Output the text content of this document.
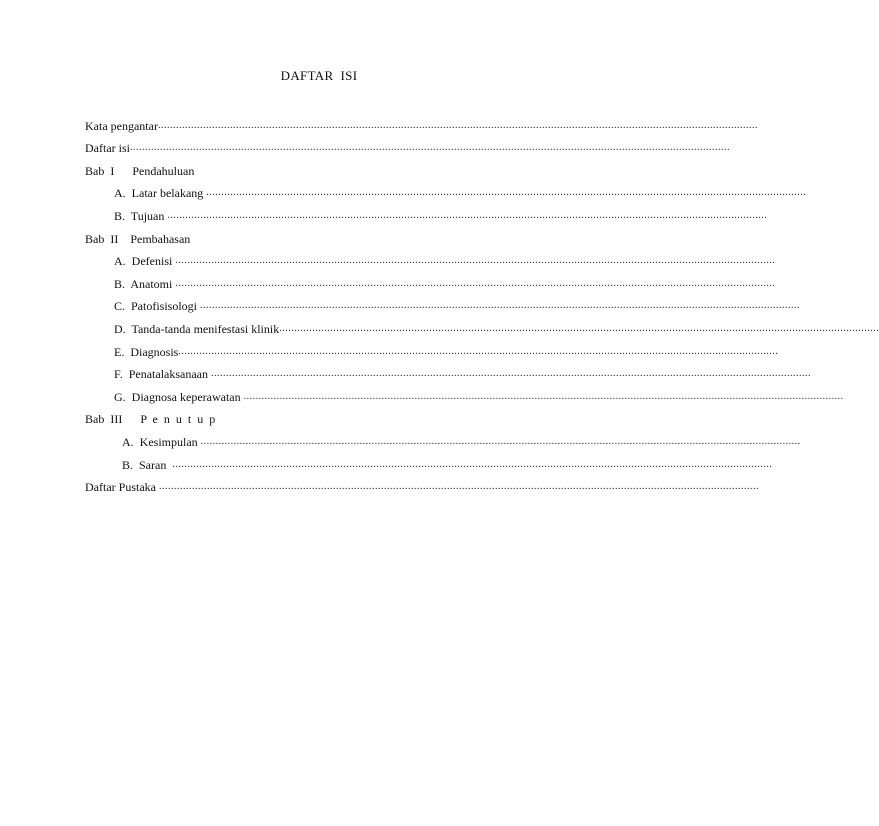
DAFTAR  ISI
Kata pengantar ........................................................................................................................................................................................................
Daftar isi ........................................................................................................................................................................................................
Bab I   Pendahuluan
A.  Latar belakang ........................................................................................................................................................................................................
B.  Tujuan ........................................................................................................................................................................................................
Bab II  Pembahasan
A.  Defenisi ........................................................................................................................................................................................................
B.  Anatomi ........................................................................................................................................................................................................
C.  Patofisisologi ........................................................................................................................................................................................................
D.  Tanda-tanda menifestasi klinik ........................................................................................................................................................................................................
E.  Diagnosis ........................................................................................................................................................................................................
F.  Penatalaksanaan ........................................................................................................................................................................................................
G.  Diagnosa keperawatan ........................................................................................................................................................................................................
Bab III   P e n u t u p
A.  Kesimpulan ........................................................................................................................................................................................................
B.  Saran ........................................................................................................................................................................................................
Daftar Pustaka ........................................................................................................................................................................................................
